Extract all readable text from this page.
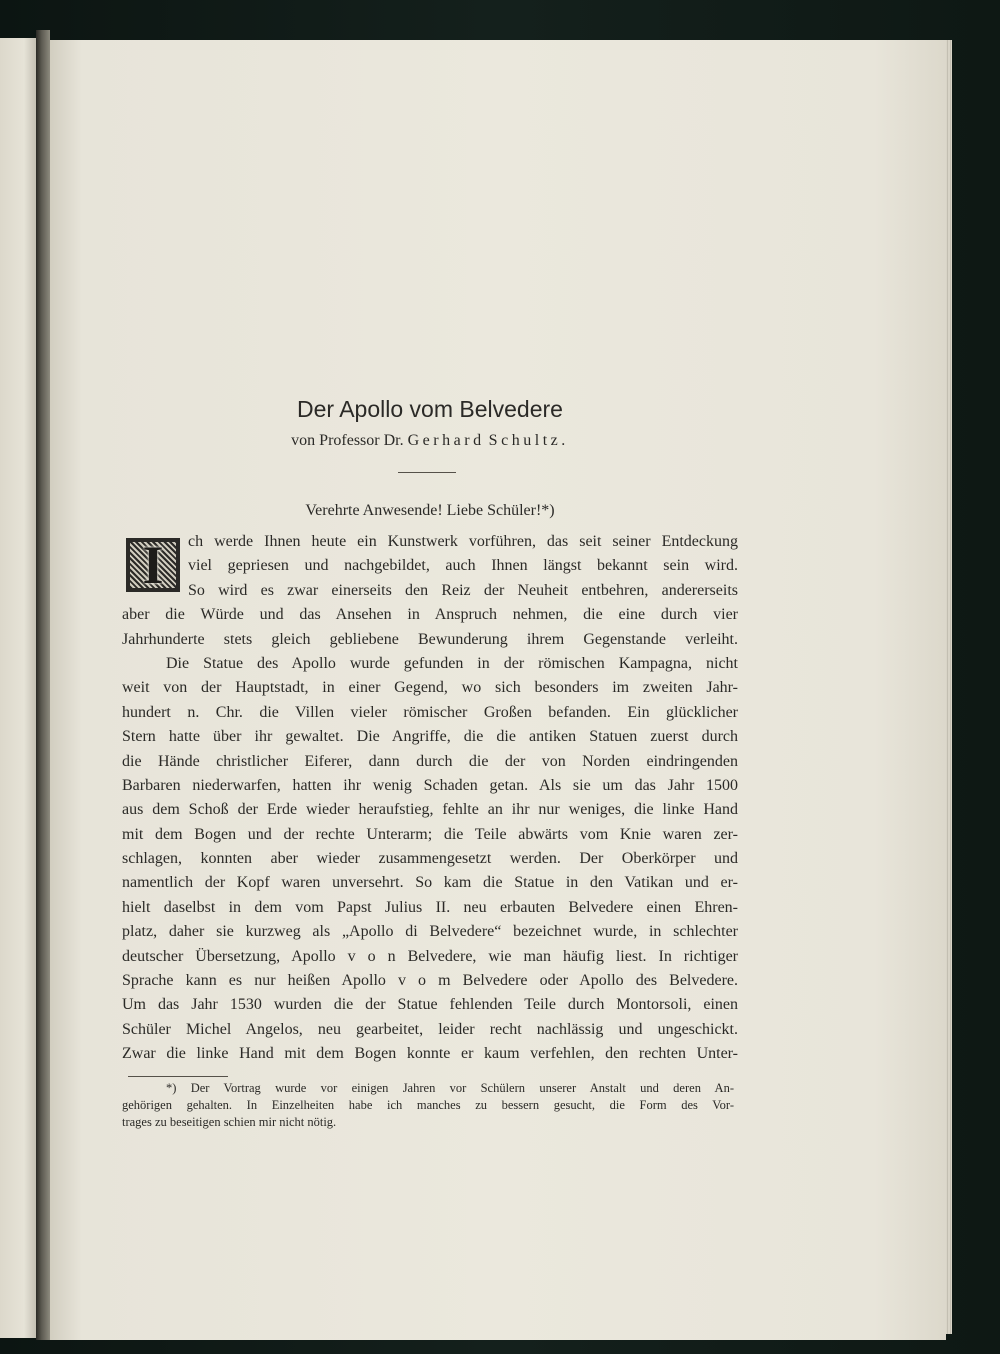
Der Apollo vom Belvedere
von Professor Dr. Gerhard Schultz.
Verehrte Anwesende! Liebe Schüler!*)
I	ch werde Ihnen heute ein Kunstwerk vorführen, das seit seiner Entdeckung
viel gepriesen und nachgebildet, auch Ihnen längst bekannt sein wird.
So wird es zwar einerseits den Reiz der Neuheit entbehren, andererseits
aber die Würde und das Ansehen in Anspruch nehmen, die eine durch vier
Jahrhunderte stets gleich gebliebene Bewunderung ihrem Gegenstande verleiht.
Die Statue des Apollo wurde gefunden in der römischen Kampagna, nicht
weit von der Hauptstadt, in einer Gegend, wo sich besonders im zweiten Jahr-
hundert n. Chr. die Villen vieler römischer Großen befanden. Ein glücklicher
Stern hatte über ihr gewaltet. Die Angriffe, die die antiken Statuen zuerst durch
die Hände christlicher Eiferer, dann durch die der von Norden eindringenden
Barbaren niederwarfen, hatten ihr wenig Schaden getan. Als sie um das Jahr 1500
aus dem Schoß der Erde wieder heraufstieg, fehlte an ihr nur weniges, die linke Hand
mit dem Bogen und der rechte Unterarm; die Teile abwärts vom Knie waren zer-
schlagen, konnten aber wieder zusammengesetzt werden. Der Oberkörper und
namentlich der Kopf waren unversehrt. So kam die Statue in den Vatikan und er-
hielt daselbst in dem vom Papst Julius II. neu erbauten Belvedere einen Ehren-
platz, daher sie kurzweg als „Apollo di Belvedere“ bezeichnet wurde, in schlechter
deutscher Übersetzung, Apollo v o n Belvedere, wie man häufig liest. In richtiger
Sprache kann es nur heißen Apollo v o m Belvedere oder Apollo des Belvedere.
Um das Jahr 1530 wurden die der Statue fehlenden Teile durch Montorsoli, einen
Schüler Michel Angelos, neu gearbeitet, leider recht nachlässig und ungeschickt.
Zwar die linke Hand mit dem Bogen konnte er kaum verfehlen, den rechten Unter-
*) Der Vortrag wurde vor einigen Jahren vor Schülern unserer Anstalt und deren An-
gehörigen gehalten. In Einzelheiten habe ich manches zu bessern gesucht, die Form des Vor-
trages zu beseitigen schien mir nicht nötig.
